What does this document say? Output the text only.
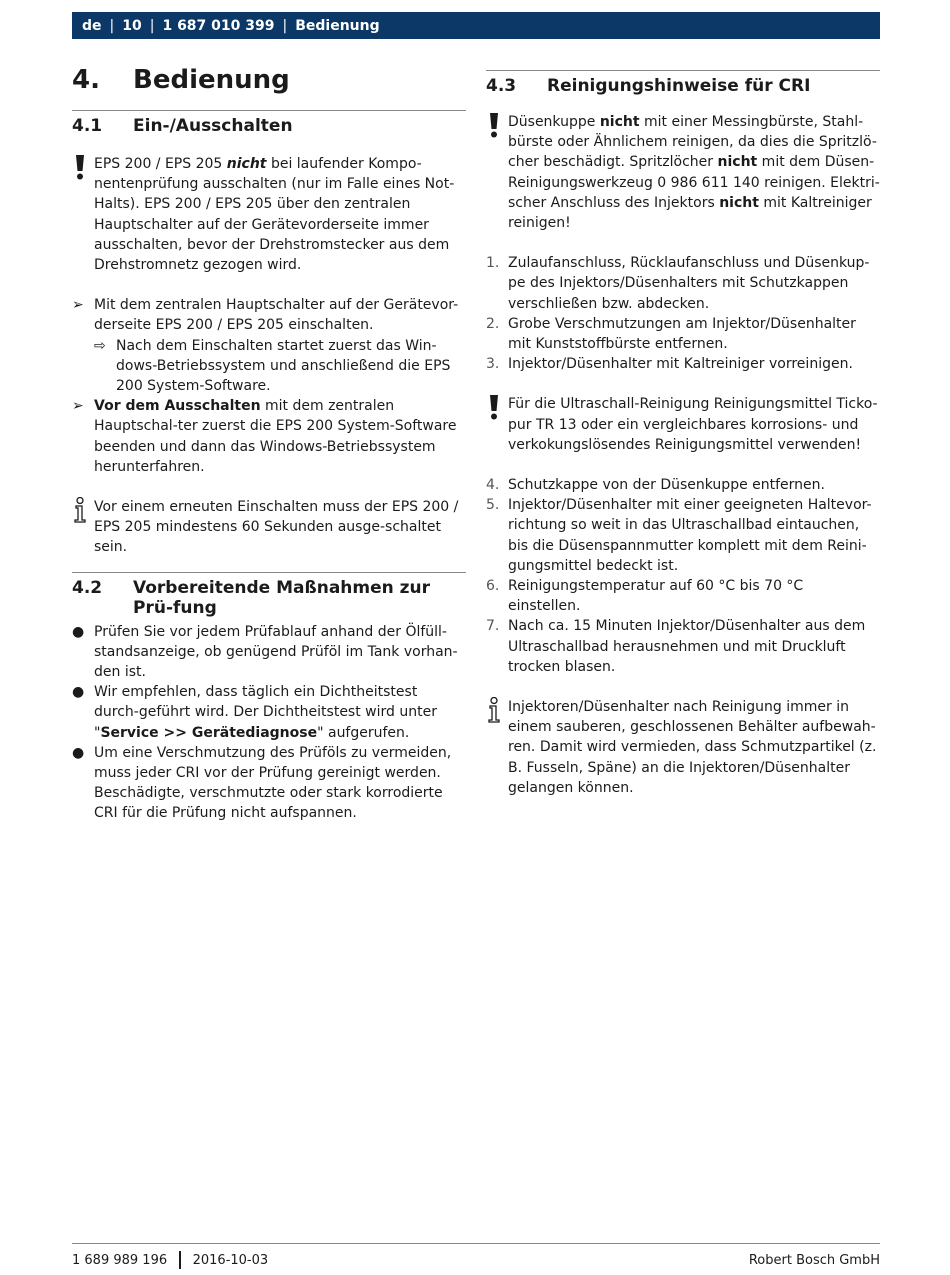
de | 10 | 1 687 010 399 | Bedienung
4.	Bedienung
4.1	Ein-/Ausschalten
EPS 200 / EPS 205 nicht bei laufender Kompo-nentenprüfung ausschalten (nur im Falle eines Not-Halts). EPS 200 / EPS 205 über den zentralen Hauptschalter auf der Gerätevorderseite immer ausschalten, bevor der Drehstromstecker aus dem Drehstromnetz gezogen wird.
➢ Mit dem zentralen Hauptschalter auf der Gerätevor-derseite EPS 200 / EPS 205 einschalten.
⇨ Nach dem Einschalten startet zuerst das Win-dows-Betriebssystem und anschließend die EPS 200 System-Software.
➢ Vor dem Ausschalten mit dem zentralen Hauptschal-ter zuerst die EPS 200 System-Software beenden und dann das Windows-Betriebssystem herunterfahren.
Vor einem erneuten Einschalten muss der EPS 200 / EPS 205 mindestens 60 Sekunden ausge-schaltet sein.
4.2	Vorbereitende Maßnahmen zur Prü-fung
● Prüfen Sie vor jedem Prüfablauf anhand der Ölfüll-standsanzeige, ob genügend Prüföl im Tank vorhan-den ist.
● Wir empfehlen, dass täglich ein Dichtheitstest durch-geführt wird. Der Dichtheitstest wird unter "Service >> Gerätediagnose" aufgerufen.
● Um eine Verschmutzung des Prüföls zu vermeiden, muss jeder CRI vor der Prüfung gereinigt werden. Beschädigte, verschmutzte oder stark korrodierte CRI für die Prüfung nicht aufspannen.
4.3	Reinigungshinweise für CRI
Düsenkuppe nicht mit einer Messingbürste, Stahl-bürste oder Ähnlichem reinigen, da dies die Spritzlö-cher beschädigt. Spritzlöcher nicht mit dem Düsen-Reinigungswerkzeug 0 986 611 140 reinigen. Elektri-scher Anschluss des Injektors nicht mit Kaltreiniger reinigen!
1. Zulaufanschluss, Rücklaufanschluss und Düsenkup-pe des Injektors/Düsenhalters mit Schutzkappen verschließen bzw. abdecken.
2. Grobe Verschmutzungen am Injektor/Düsenhalter mit Kunststoffbürste entfernen.
3. Injektor/Düsenhalter mit Kaltreiniger vorreinigen.
Für die Ultraschall-Reinigung Reinigungsmittel Ticko-pur TR 13 oder ein vergleichbares korrosions- und verkokungslösendes Reinigungsmittel verwenden!
4. Schutzkappe von der Düsenkuppe entfernen.
5. Injektor/Düsenhalter mit einer geeigneten Haltevor-richtung so weit in das Ultraschallbad eintauchen, bis die Düsenspannmutter komplett mit dem Reini-gungsmittel bedeckt ist.
6. Reinigungstemperatur auf 60 °C bis 70 °C einstellen.
7. Nach ca. 15 Minuten Injektor/Düsenhalter aus dem Ultraschallbad herausnehmen und mit Druckluft trocken blasen.
Injektoren/Düsenhalter nach Reinigung immer in einem sauberen, geschlossenen Behälter aufbewah-ren. Damit wird vermieden, dass Schmutzpartikel (z. B. Fusseln, Späne) an die Injektoren/Düsenhalter gelangen können.
1 689 989 196 2016-10-03	Robert Bosch GmbH
